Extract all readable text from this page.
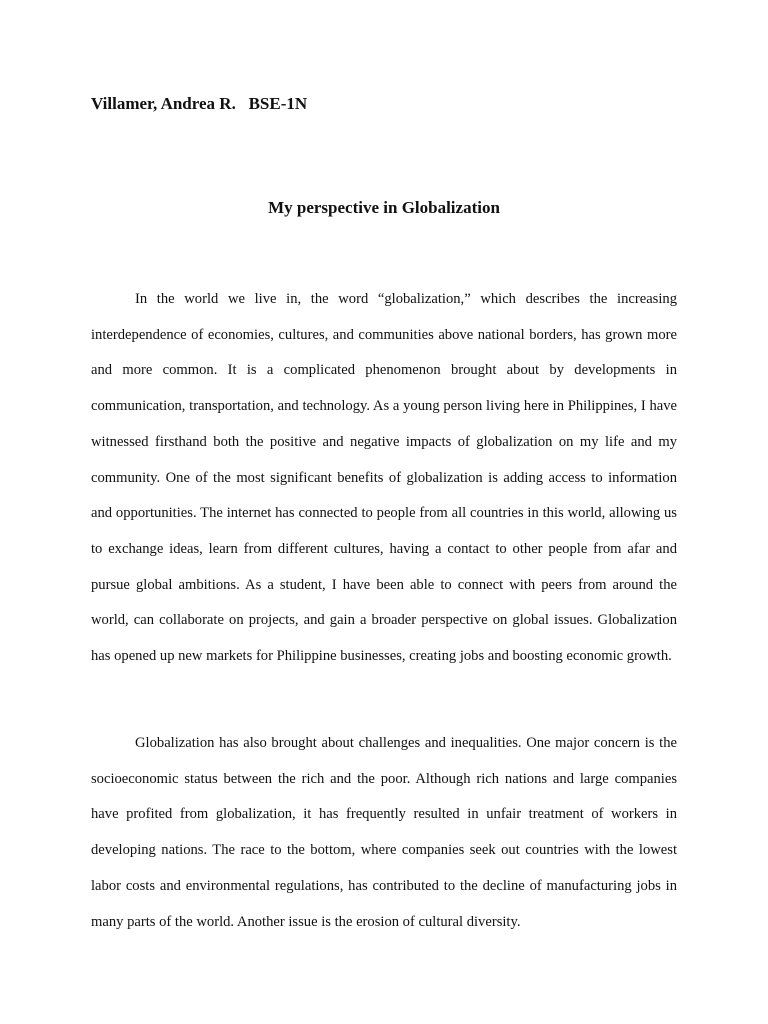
Villamer, Andrea R.   BSE-1N
My perspective in Globalization

In the world we live in, the word “globalization,” which describes the increasing interdependence of economies, cultures, and communities above national borders, has grown more and more common. It is a complicated phenomenon brought about by developments in communication, transportation, and technology. As a young person living here in Philippines, I have witnessed firsthand both the positive and negative impacts of globalization on my life and my community. One of the most significant benefits of globalization is adding access to information and opportunities. The internet has connected to people from all countries in this world, allowing us to exchange ideas, learn from different cultures, having a contact to other people from afar and pursue global ambitions. As a student, I have been able to connect with peers from around the world, can collaborate on projects, and gain a broader perspective on global issues. Globalization has opened up new markets for Philippine businesses, creating jobs and boosting economic growth.

Globalization has also brought about challenges and inequalities. One major concern is the socioeconomic status between the rich and the poor. Although rich nations and large companies have profited from globalization, it has frequently resulted in unfair treatment of workers in developing nations. The race to the bottom, where companies seek out countries with the lowest labor costs and environmental regulations, has contributed to the decline of manufacturing jobs in many parts of the world. Another issue is the erosion of cultural diversity.
